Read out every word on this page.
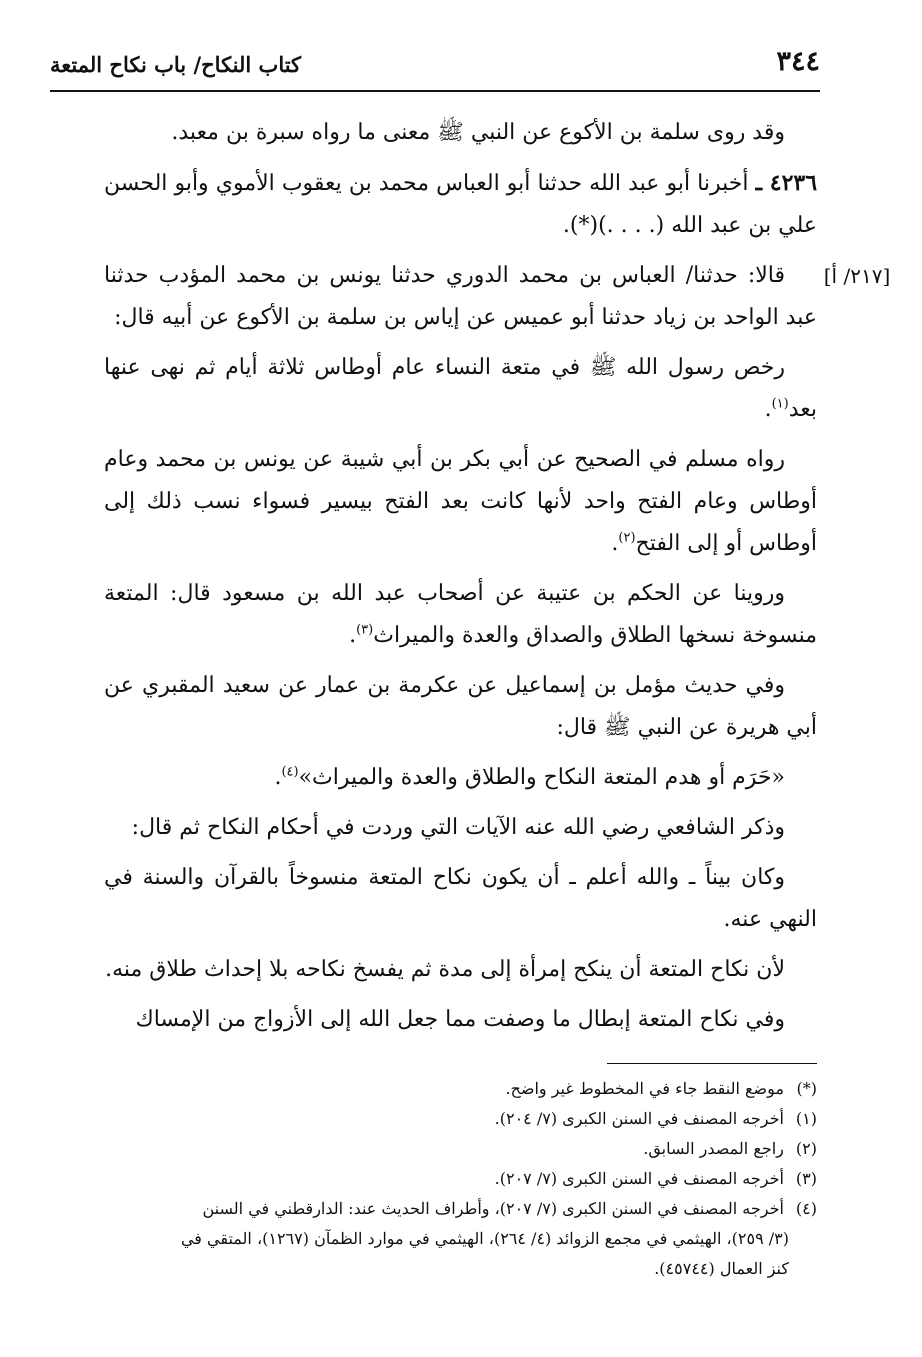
٣٤٤
كتاب النكاح/ باب نكاح المتعة
[٢١٧/ أ]

وقد روى سلمة بن الأكوع عن النبي ﷺ معنى ما رواه سبرة بن معبد.

٤٢٣٦ ـ أخبرنا أبو عبد الله حدثنا أبو العباس محمد بن يعقوب الأموي وأبو الحسن علي بن عبد الله (. . . .)(*).

قالا: حدثنا/ العباس بن محمد الدوري حدثنا يونس بن محمد المؤدب حدثنا عبد الواحد بن زياد حدثنا أبو عميس عن إياس بن سلمة بن الأكوع عن أبيه قال:

رخص رسول الله ﷺ في متعة النساء عام أوطاس ثلاثة أيام ثم نهى عنها بعد$^{(١)}$.

رواه مسلم في الصحيح عن أبي بكر بن أبي شيبة عن يونس بن محمد وعام أوطاس وعام الفتح واحد لأنها كانت بعد الفتح بيسير فسواء نسب ذلك إلى أوطاس أو إلى الفتح$^{(٢)}$.

وروينا عن الحكم بن عتيبة عن أصحاب عبد الله بن مسعود قال: المتعة منسوخة نسخها الطلاق والصداق والعدة والميراث$^{(٣)}$.

وفي حديث مؤمل بن إسماعيل عن عكرمة بن عمار عن سعيد المقبري عن أبي هريرة عن النبي ﷺ قال:

«حَرَم أو هدم المتعة النكاح والطلاق والعدة والميراث»$^{(٤)}$.

وذكر الشافعي رضي الله عنه الآيات التي وردت في أحكام النكاح ثم قال:

وكان بيناً ـ والله أعلم ـ أن يكون نكاح المتعة منسوخاً بالقرآن والسنة في النهي عنه.

لأن نكاح المتعة أن ينكح إمرأة إلى مدة ثم يفسخ نكاحه بلا إحداث طلاق منه.

وفي نكاح المتعة إبطال ما وصفت مما جعل الله إلى الأزواج من الإمساك

(*) موضع النقط جاء في المخطوط غير واضح.

(١) أخرجه المصنف في السنن الكبرى (٧/ ٢٠٤).

(٢) راجع المصدر السابق.

(٣) أخرجه المصنف في السنن الكبرى (٧/ ٢٠٧).

(٤) أخرجه المصنف في السنن الكبرى (٧/ ٢٠٧)، وأطراف الحديث عند: الدارقطني في السنن

(٣/ ٢٥٩)، الهيثمي في مجمع الزوائد (٤/ ٢٦٤)، الهيثمي في موارد الظمآن (١٢٦٧)، المتقي في

كنز العمال (٤٥٧٤٤).
